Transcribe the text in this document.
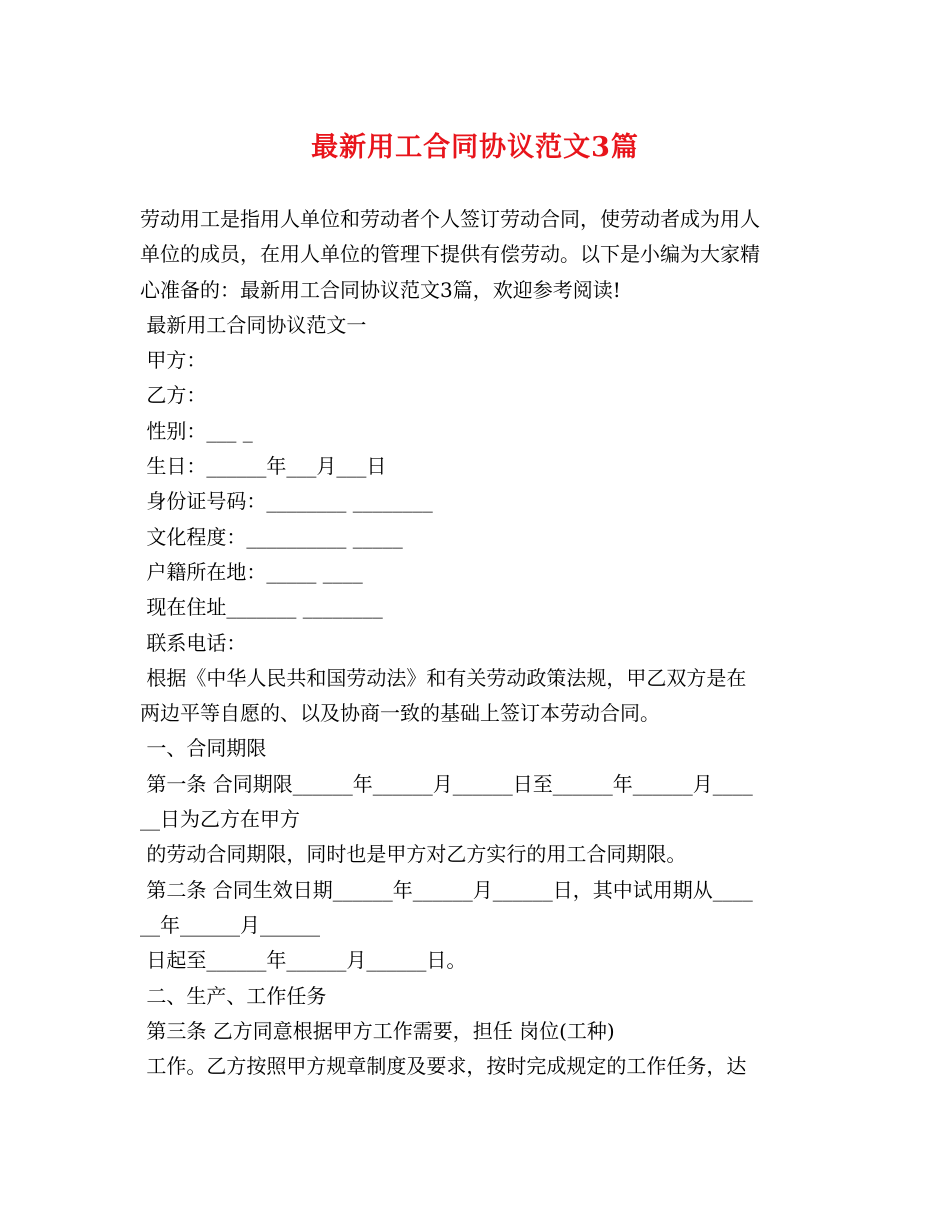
最新用工合同协议范文3篇
劳动用工是指用人单位和劳动者个人签订劳动合同，使劳动者成为用人
单位的成员，在用人单位的管理下提供有偿劳动。以下是小编为大家精
心准备的：最新用工合同协议范文3篇，欢迎参考阅读!
最新用工合同协议范文一
甲方：
乙方：
性别：___ _
生日：______年___月___日
身份证号码：________ ________
文化程度：__________ _____
户籍所在地：_____ ____
现在住址_______ ________
联系电话：
根据《中华人民共和国劳动法》和有关劳动政策法规，甲乙双方是在
两边平等自愿的、以及协商一致的基础上签订本劳动合同。
一、合同期限
第一条 合同期限______年______月______日至______年______月____
__日为乙方在甲方
的劳动合同期限，同时也是甲方对乙方实行的用工合同期限。
第二条 合同生效日期______年______月______日，其中试用期从____
__年______月______
日起至______年______月______日。
二、生产、工作任务
第三条 乙方同意根据甲方工作需要，担任 岗位(工种)
工作。乙方按照甲方规章制度及要求，按时完成规定的工作任务，达
